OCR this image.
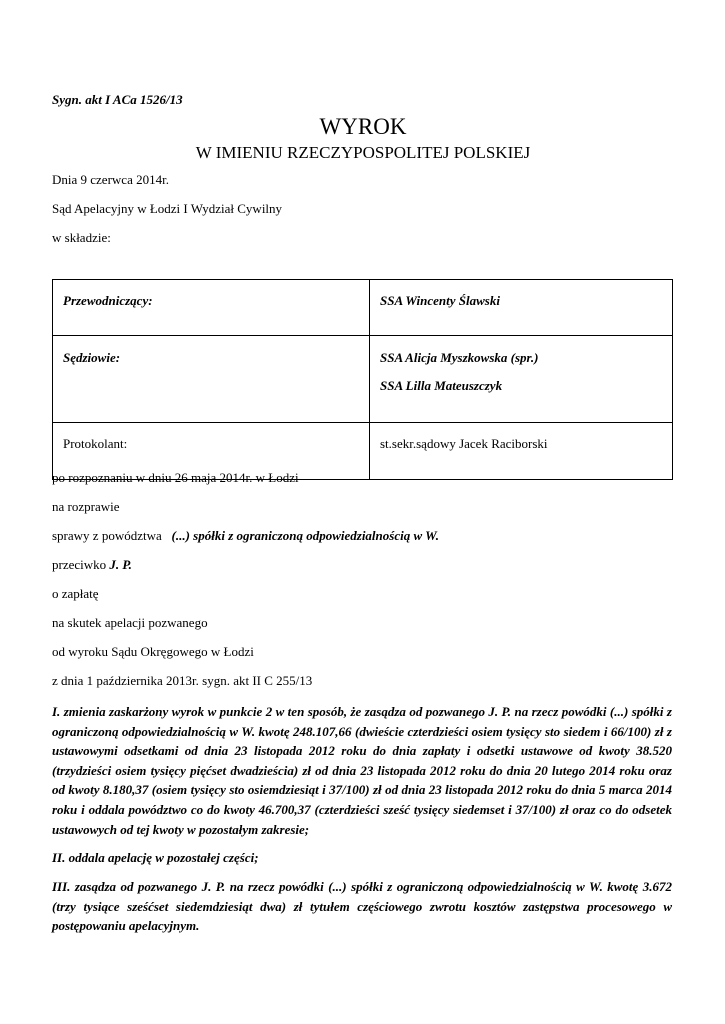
Sygn. akt I ACa 1526/13
WYROK
W IMIENIU RZECZYPOSPOLITEJ POLSKIEJ
Dnia 9 czerwca 2014r.
Sąd Apelacyjny w Łodzi I Wydział Cywilny
w składzie:
Przewodniczący:	SSA Wincenty Ślawski

Sędziowie:	SSA Alicja Myszkowska (spr.)
SSA Lilla Mateuszczyk

Protokolant:	st.sekr.sądowy Jacek Raciborski
po rozpoznaniu w dniu 26 maja 2014r. w Łodzi
na rozprawie
sprawy z powództwa (...) spółki z ograniczoną odpowiedzialnością w W.
przeciwko J. P.
o zapłatę
na skutek apelacji pozwanego
od wyroku Sądu Okręgowego w Łodzi
z dnia 1 października 2013r. sygn. akt II C 255/13

I. zmienia zaskarżony wyrok w punkcie 2 w ten sposób, że zasądza od pozwanego J. P. na rzecz powódki (...) spółki z ograniczoną odpowiedzialnością w W. kwotę 248.107,66 (dwieście czterdzieści osiem tysięcy sto siedem i 66/100) zł z ustawowymi odsetkami od dnia 23 listopada 2012 roku do dnia zapłaty i odsetki ustawowe od kwoty 38.520 (trzydzieści osiem tysięcy pięćset dwadzieścia) zł od dnia 23 listopada 2012 roku do dnia 20 lutego 2014 roku oraz od kwoty 8.180,37 (osiem tysięcy sto osiemdziesiąt i 37/100) zł od dnia 23 listopada 2012 roku do dnia 5 marca 2014 roku i oddala powództwo co do kwoty 46.700,37 (czterdzieści sześć tysięcy siedemset i 37/100) zł oraz co do odsetek ustawowych od tej kwoty w pozostałym zakresie;

II. oddala apelację w pozostałej części;

III. zasądza od pozwanego J. P. na rzecz powódki (...) spółki z ograniczoną odpowiedzialnością w W. kwotę 3.672 (trzy tysiące sześćset siedemdziesiąt dwa) zł tytułem częściowego zwrotu kosztów zastępstwa procesowego w postępowaniu apelacyjnym.
